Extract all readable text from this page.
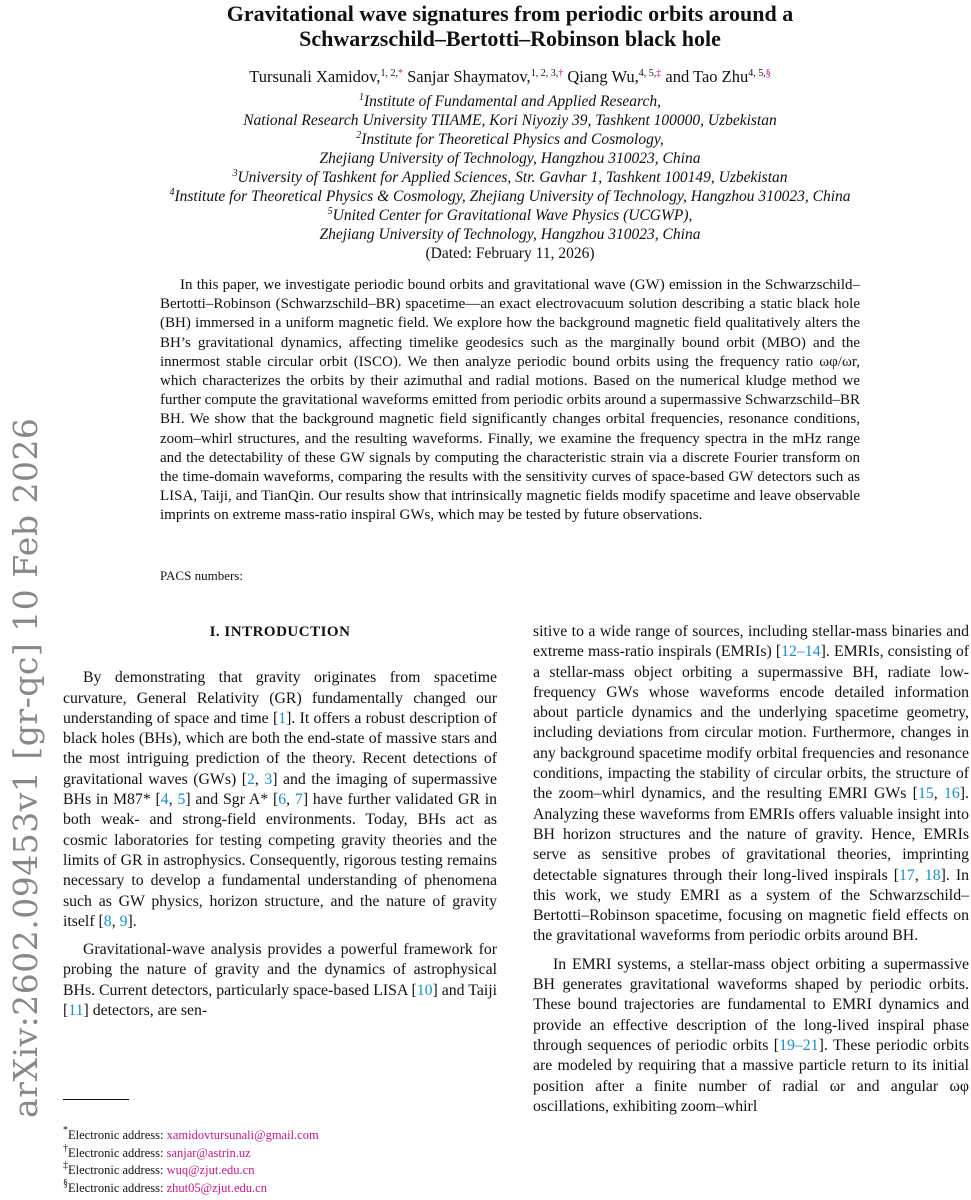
arXiv:2602.09453v1 [gr-qc] 10 Feb 2026
Gravitational wave signatures from periodic orbits around a
Schwarzschild–Bertotti–Robinson black hole
Tursunali Xamidov,$^{1, 2,*}$ Sanjar Shaymatov,$^{1, 2, 3,\dagger}$ Qiang Wu,$^{4, 5,\ddagger}$ and Tao Zhu$^{4, 5,\S}$
$^1$Institute of Fundamental and Applied Research,
National Research University TIIAME, Kori Niyoziy 39, Tashkent 100000, Uzbekistan
$^2$Institute for Theoretical Physics and Cosmology,
Zhejiang University of Technology, Hangzhou 310023, China
$^3$University of Tashkent for Applied Sciences, Str. Gavhar 1, Tashkent 100149, Uzbekistan
$^4$Institute for Theoretical Physics & Cosmology, Zhejiang University of Technology, Hangzhou 310023, China
$^5$United Center for Gravitational Wave Physics (UCGWP),
Zhejiang University of Technology, Hangzhou 310023, China
(Dated: February 11, 2026)
In this paper, we investigate periodic bound orbits and gravitational wave (GW) emission in the Schwarzschild–Bertotti–Robinson (Schwarzschild–BR) spacetime—an exact electrovacuum solution describing a static black hole (BH) immersed in a uniform magnetic field. We explore how the background magnetic field qualitatively alters the BH’s gravitational dynamics, affecting timelike geodesics such as the marginally bound orbit (MBO) and the innermost stable circular orbit (ISCO). We then analyze periodic bound orbits using the frequency ratio ωφ/ωr, which characterizes the orbits by their azimuthal and radial motions. Based on the numerical kludge method we further compute the gravitational waveforms emitted from periodic orbits around a supermassive Schwarzschild–BR BH. We show that the background magnetic field significantly changes orbital frequencies, resonance conditions, zoom–whirl structures, and the resulting waveforms. Finally, we examine the frequency spectra in the mHz range and the detectability of these GW signals by computing the characteristic strain via a discrete Fourier transform on the time-domain waveforms, comparing the results with the sensitivity curves of space-based GW detectors such as LISA, Taiji, and TianQin. Our results show that intrinsically magnetic fields modify spacetime and leave observable imprints on extreme mass-ratio inspiral GWs, which may be tested by future observations.
PACS numbers:
I. INTRODUCTION

By demonstrating that gravity originates from spacetime curvature, General Relativity (GR) fundamentally changed our understanding of space and time [1]. It offers a robust description of black holes (BHs), which are both the end-state of massive stars and the most intriguing prediction of the theory. Recent detections of gravitational waves (GWs) [2, 3] and the imaging of supermassive BHs in M87* [4, 5] and Sgr A* [6, 7] have further validated GR in both weak- and strong-field environments. Today, BHs act as cosmic laboratories for testing competing gravity theories and the limits of GR in astrophysics. Consequently, rigorous testing remains necessary to develop a fundamental understanding of phenomena such as GW physics, horizon structure, and the nature of gravity itself [8, 9].

Gravitational-wave analysis provides a powerful framework for probing the nature of gravity and the dynamics of astrophysical BHs. Current detectors, particularly space-based LISA [10] and Taiji [11] detectors, are sen-

sitive to a wide range of sources, including stellar-mass binaries and extreme mass-ratio inspirals (EMRIs) [12–14]. EMRIs, consisting of a stellar-mass object orbiting a supermassive BH, radiate low-frequency GWs whose waveforms encode detailed information about particle dynamics and the underlying spacetime geometry, including deviations from circular motion. Furthermore, changes in any background spacetime modify orbital frequencies and resonance conditions, impacting the stability of circular orbits, the structure of the zoom–whirl dynamics, and the resulting EMRI GWs [15, 16]. Analyzing these waveforms from EMRIs offers valuable insight into BH horizon structures and the nature of gravity. Hence, EMRIs serve as sensitive probes of gravitational theories, imprinting detectable signatures through their long-lived inspirals [17, 18]. In this work, we study EMRI as a system of the Schwarzschild–Bertotti–Robinson spacetime, focusing on magnetic field effects on the gravitational waveforms from periodic orbits around BH.

In EMRI systems, a stellar-mass object orbiting a supermassive BH generates gravitational waveforms shaped by periodic orbits. These bound trajectories are fundamental to EMRI dynamics and provide an effective description of the long-lived inspiral phase through sequences of periodic orbits [19–21]. These periodic orbits are modeled by requiring that a massive particle return to its initial position after a finite number of radial ωr and angular ωφ oscillations, exhibiting zoom–whirl

*Electronic address: xamidovtursunali@gmail.com
†Electronic address: sanjar@astrin.uz
‡Electronic address: wuq@zjut.edu.cn
§Electronic address: zhut05@zjut.edu.cn
